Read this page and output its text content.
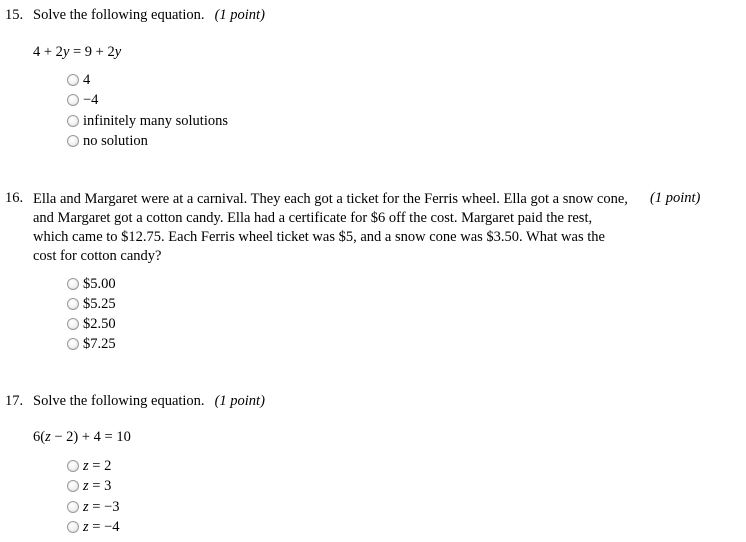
15. Solve the following equation. (1 point)
4 + 2y = 9 + 2y
4
−4
infinitely many solutions
no solution
16. Ella and Margaret were at a carnival. They each got a ticket for the Ferris wheel. Ella got a snow cone, and Margaret got a cotton candy. Ella had a certificate for $6 off the cost. Margaret paid the rest, which came to $12.75. Each Ferris wheel ticket was $5, and a snow cone was $3.50. What was the cost for cotton candy?
(1 point)
$5.00
$5.25
$2.50
$7.25
17. Solve the following equation. (1 point)
6(z − 2) + 4 = 10
z = 2
z = 3
z = −3
z = −4
